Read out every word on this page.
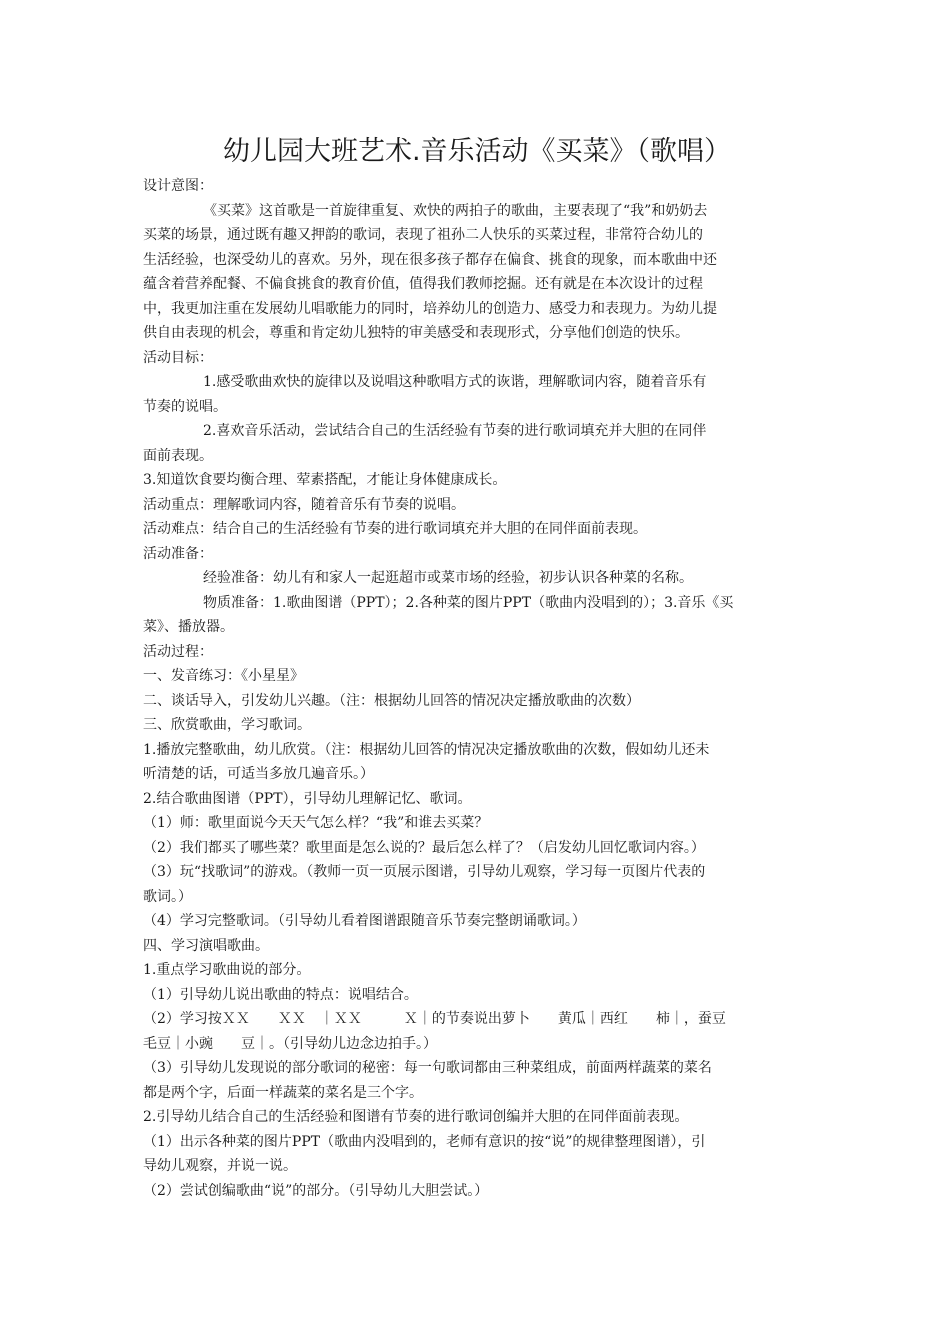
幼儿园大班艺术.音乐活动《买菜》（歌唱）
设计意图：
《买菜》这首歌是一首旋律重复、欢快的两拍子的歌曲，主要表现了“我”和奶奶去
买菜的场景，通过既有趣又押韵的歌词，表现了祖孙二人快乐的买菜过程，非常符合幼儿的
生活经验，也深受幼儿的喜欢。另外，现在很多孩子都存在偏食、挑食的现象，而本歌曲中还
蕴含着营养配餐、不偏食挑食的教育价值，值得我们教师挖掘。还有就是在本次设计的过程
中，我更加注重在发展幼儿唱歌能力的同时，培养幼儿的创造力、感受力和表现力。为幼儿提
供自由表现的机会，尊重和肯定幼儿独特的审美感受和表现形式，分享他们创造的快乐。
活动目标：
1.感受歌曲欢快的旋律以及说唱这种歌唱方式的诙谐，理解歌词内容，随着音乐有
节奏的说唱。
2.喜欢音乐活动，尝试结合自己的生活经验有节奏的进行歌词填充并大胆的在同伴
面前表现。
3.知道饮食要均衡合理、荤素搭配，才能让身体健康成长。
活动重点：理解歌词内容，随着音乐有节奏的说唱。
活动难点：结合自己的生活经验有节奏的进行歌词填充并大胆的在同伴面前表现。
活动准备：
经验准备：幼儿有和家人一起逛超市或菜市场的经验，初步认识各种菜的名称。
物质准备：1.歌曲图谱（PPT）；2.各种菜的图片PPT（歌曲内没唱到的）；3.音乐《买
菜》、播放器。
活动过程：
一、发音练习：《小星星》
二、谈话导入，引发幼儿兴趣。（注：根据幼儿回答的情况决定播放歌曲的次数）
三、欣赏歌曲，学习歌词。
1.播放完整歌曲，幼儿欣赏。（注：根据幼儿回答的情况决定播放歌曲的次数，假如幼儿还未
听清楚的话，可适当多放几遍音乐。）
2.结合歌曲图谱（PPT），引导幼儿理解记忆、歌词。
（1）师：歌里面说今天天气怎么样？“我”和谁去买菜？
（2）我们都买了哪些菜？歌里面是怎么说的？最后怎么样了？（启发幼儿回忆歌词内容。）
（3）玩“找歌词”的游戏。（教师一页一页展示图谱，引导幼儿观察，学习每一页图片代表的
歌词。）
（4）学习完整歌词。（引导幼儿看着图谱跟随音乐节奏完整朗诵歌词。）
四、学习演唱歌曲。
1.重点学习歌曲说的部分。
（1）引导幼儿说出歌曲的特点：说唱结合。
（2）学习按ＸＸ　　ＸＸ　｜ＸＸ　　　Ｘ｜的节奏说出萝卜　　黄瓜｜西红　　柿｜，蚕豆
毛豆｜小豌　　豆｜。（引导幼儿边念边拍手。）
（3）引导幼儿发现说的部分歌词的秘密：每一句歌词都由三种菜组成，前面两样蔬菜的菜名
都是两个字，后面一样蔬菜的菜名是三个字。
2.引导幼儿结合自己的生活经验和图谱有节奏的进行歌词创编并大胆的在同伴面前表现。
（1）出示各种菜的图片PPT（歌曲内没唱到的，老师有意识的按“说”的规律整理图谱），引
导幼儿观察，并说一说。
（2）尝试创编歌曲“说”的部分。（引导幼儿大胆尝试。）
